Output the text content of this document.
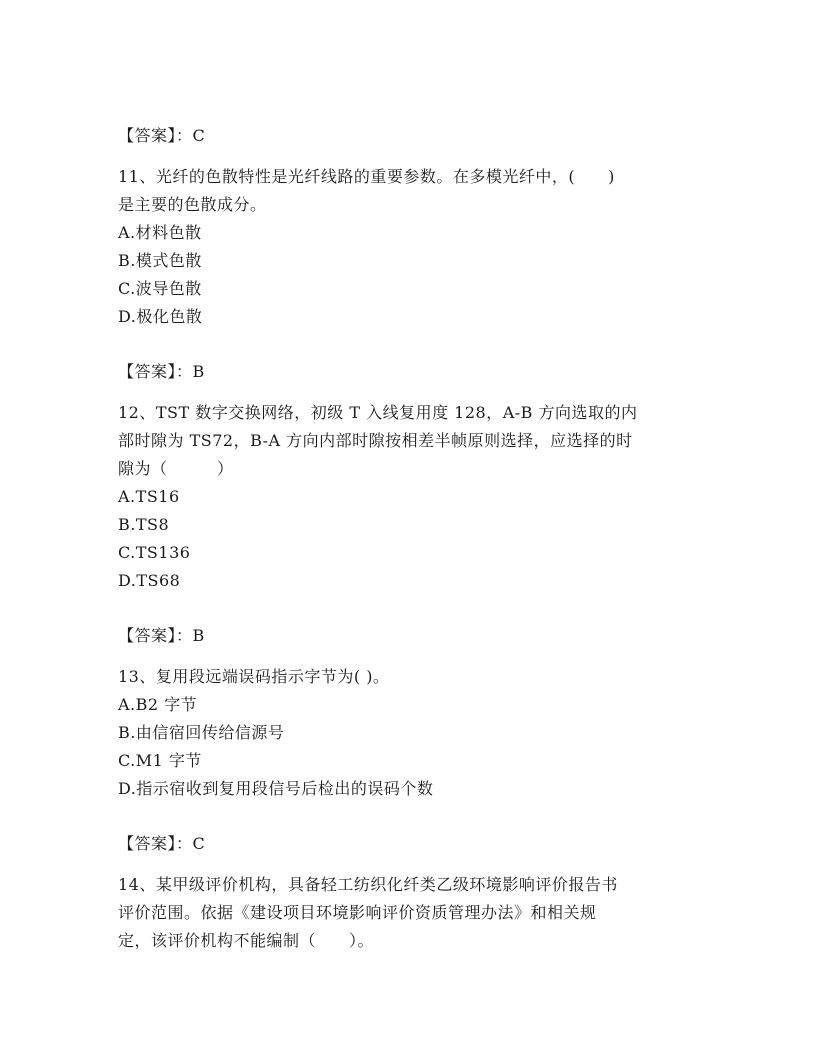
【答案】：C
11、光纤的色散特性是光纤线路的重要参数。在多模光纤中，(　　)
是主要的色散成分。
A.材料色散
B.模式色散
C.波导色散
D.极化色散
【答案】：B
12、TST 数字交换网络，初级 T 入线复用度 128，A-B 方向选取的内
部时隙为 TS72，B-A 方向内部时隙按相差半帧原则选择，应选择的时
隙为（　　　）
A.TS16
B.TS8
C.TS136
D.TS68
【答案】：B
13、复用段远端误码指示字节为( )。
A.B2 字节
B.由信宿回传给信源号
C.M1 字节
D.指示宿收到复用段信号后检出的误码个数
【答案】：C
14、某甲级评价机构，具备轻工纺织化纤类乙级环境影响评价报告书
评价范围。依据《建设项目环境影响评价资质管理办法》和相关规
定，该评价机构不能编制（　　）。
